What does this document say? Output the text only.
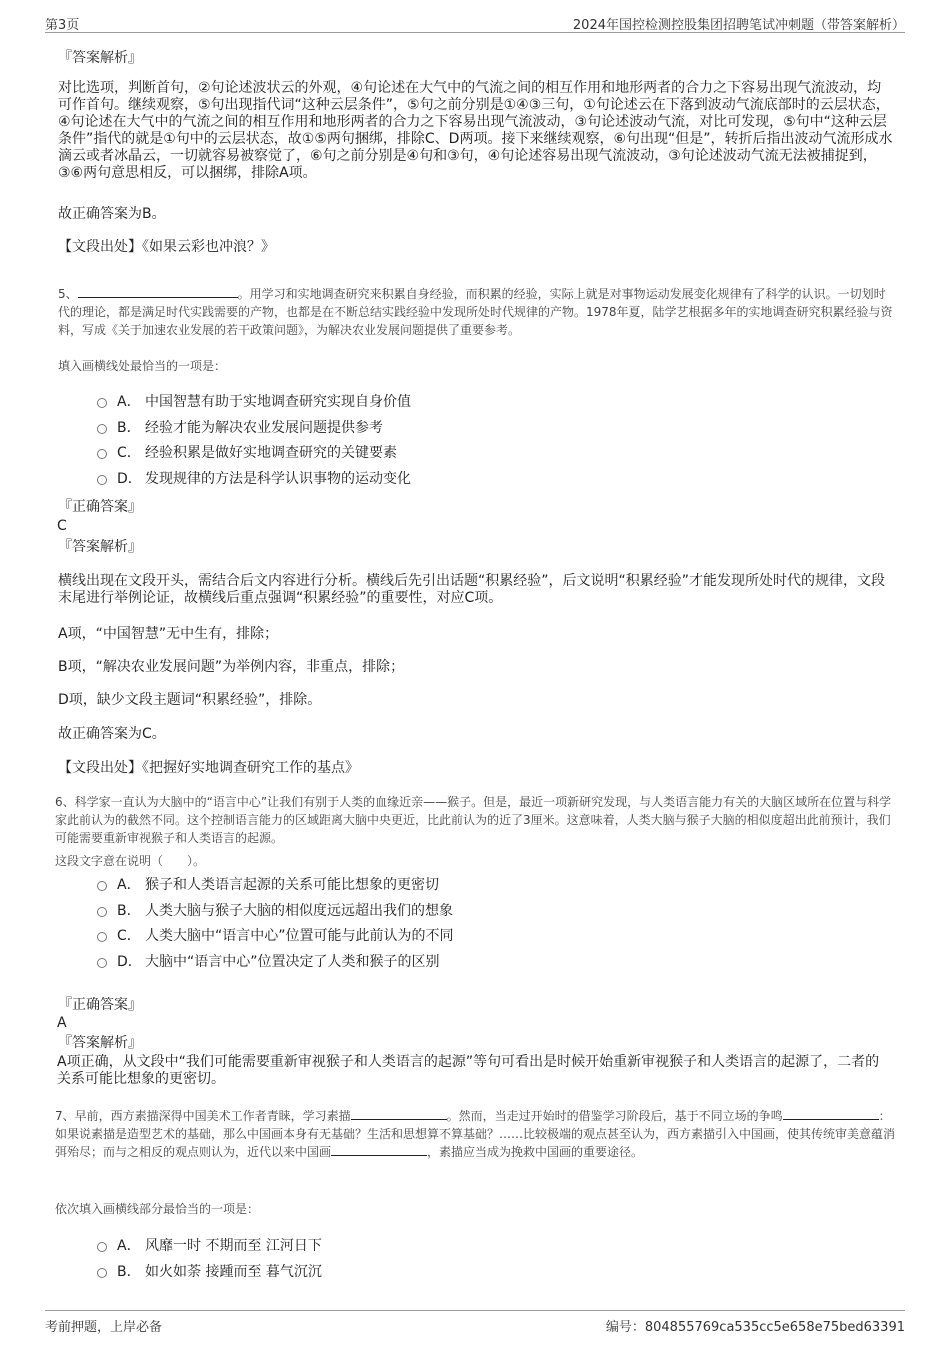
第3页	2024年国控检测控股集团招聘笔试冲刺题（带答案解析）
『答案解析』
对比选项，判断首句，②句论述波状云的外观，④句论述在大气中的气流之间的相互作用和地形两者的合力之下容易出现气流波动，均可作首句。继续观察，⑤句出现指代词“这种云层条件”，⑤句之前分别是①④③三句，①句论述云在下落到波动气流底部时的云层状态，④句论述在大气中的气流之间的相互作用和地形两者的合力之下容易出现气流波动，③句论述波动气流，对比可发现，⑤句中“这种云层条件”指代的就是①句中的云层状态，故①⑤两句捆绑，排除C、D两项。接下来继续观察，⑥句出现“但是”，转折后指出波动气流形成水滴云或者冰晶云，一切就容易被察觉了，⑥句之前分别是④句和③句，④句论述容易出现气流波动，③句论述波动气流无法被捕捉到，③⑥两句意思相反，可以捆绑，排除A项。
故正确答案为B。
【文段出处】《如果云彩也冲浪？》
5、	。用学习和实地调查研究来积累自身经验，而积累的经验，实际上就是对事物运动发展变化规律有了科学的认识。一切划时代的理论，都是满足时代实践需要的产物，也都是在不断总结实践经验中发现所处时代规律的产物。1978年夏，陆学艺根据多年的实地调查研究积累经验与资料，写成《关于加速农业发展的若干政策问题》，为解决农业发展问题提供了重要参考。
填入画横线处最恰当的一项是：
A． 中国智慧有助于实地调查研究实现自身价值
B． 经验才能为解决农业发展问题提供参考
C． 经验积累是做好实地调查研究的关键要素
D． 发现规律的方法是科学认识事物的运动变化
『正确答案』
C
『答案解析』
横线出现在文段开头，需结合后文内容进行分析。横线后先引出话题“积累经验”，后文说明“积累经验”才能发现所处时代的规律，文段末尾进行举例论证，故横线后重点强调“积累经验”的重要性，对应C项。
A项，“中国智慧”无中生有，排除；
B项，“解决农业发展问题”为举例内容，非重点，排除；
D项，缺少文段主题词“积累经验”，排除。
故正确答案为C。
【文段出处】《把握好实地调查研究工作的基点》
6、科学家一直认为大脑中的“语言中心”让我们有别于人类的血缘近亲——猴子。但是，最近一项新研究发现，与人类语言能力有关的大脑区域所在位置与科学家此前认为的截然不同。这个控制语言能力的区域距离大脑中央更近，比此前认为的近了3厘米。这意味着，人类大脑与猴子大脑的相似度超出此前预计，我们可能需要重新审视猴子和人类语言的起源。
这段文字意在说明（　　）。
A． 猴子和人类语言起源的关系可能比想象的更密切
B． 人类大脑与猴子大脑的相似度远远超出我们的想象
C． 人类大脑中“语言中心”位置可能与此前认为的不同
D． 大脑中“语言中心”位置决定了人类和猴子的区别
『正确答案』
A
『答案解析』
A项正确，从文段中“我们可能需要重新审视猴子和人类语言的起源”等句可看出是时候开始重新审视猴子和人类语言的起源了，二者的关系可能比想象的更密切。
7、早前，西方素描深得中国美术工作者青睐，学习素描	。然而，当走过开始时的借鉴学习阶段后，基于不同立场的争鸣	：如果说素描是造型艺术的基础，那么中国画本身有无基础？生活和思想算不算基础？……比较极端的观点甚至认为，西方素描引入中国画，使其传统审美意蕴消弭殆尽；而与之相反的观点则认为，近代以来中国画	，素描应当成为挽救中国画的重要途径。
依次填入画横线部分最恰当的一项是：
A． 风靡一时 不期而至 江河日下
B． 如火如荼 接踵而至 暮气沉沉
考前押题，上岸必备	编号：804855769ca535cc5e658e75bed63391
